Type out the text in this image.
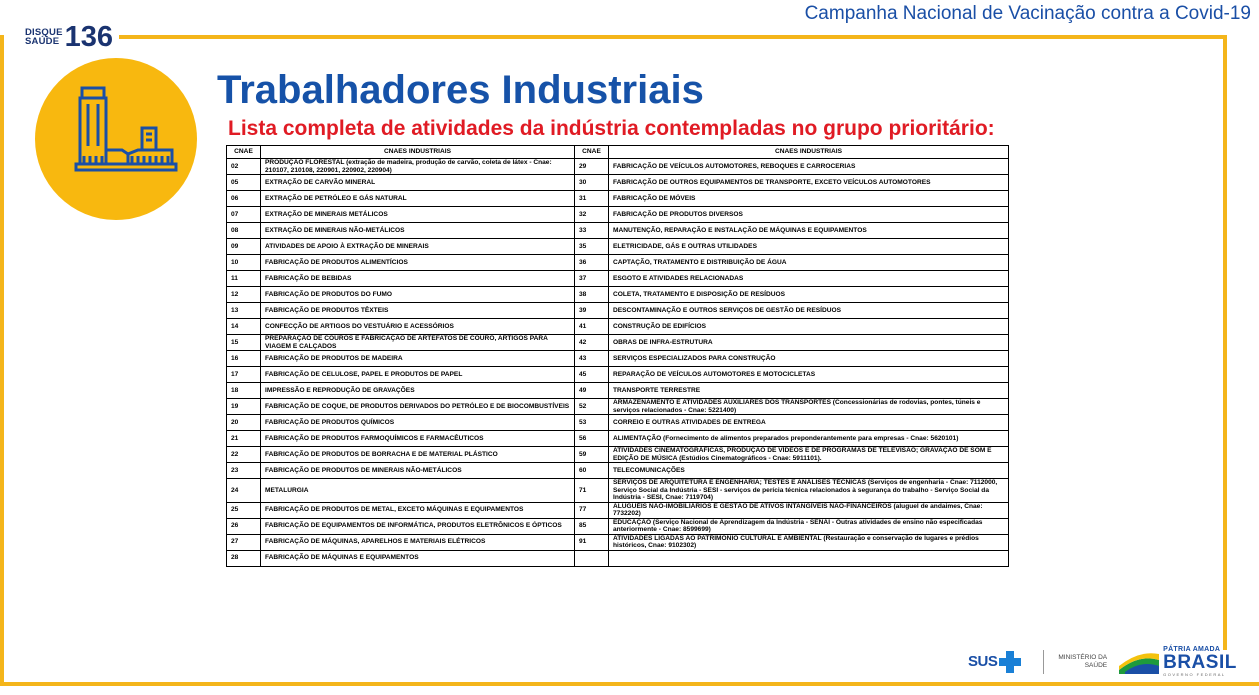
Campanha Nacional de Vacinação contra a Covid-19
DISQUE
SAÚDE 136
Trabalhadores Industriais
Lista completa de atividades da indústria contempladas no grupo prioritário:
CNAE	CNAES INDUSTRIAIS	CNAE	CNAES INDUSTRIAIS
02	PRODUÇÃO FLORESTAL (extração de madeira, produção de carvão, coleta de látex - Cnae: 210107, 210108, 220901, 220902, 220904)	29	FABRICAÇÃO DE VEÍCULOS AUTOMOTORES, REBOQUES E CARROCERIAS
05	EXTRAÇÃO DE CARVÃO MINERAL	30	FABRICAÇÃO DE OUTROS EQUIPAMENTOS DE TRANSPORTE, EXCETO VEÍCULOS AUTOMOTORES
06	EXTRAÇÃO DE PETRÓLEO E GÁS NATURAL	31	FABRICAÇÃO DE MÓVEIS
07	EXTRAÇÃO DE MINERAIS METÁLICOS	32	FABRICAÇÃO DE PRODUTOS DIVERSOS
08	EXTRAÇÃO DE MINERAIS NÃO-METÁLICOS	33	MANUTENÇÃO, REPARAÇÃO E INSTALAÇÃO DE MÁQUINAS E EQUIPAMENTOS
09	ATIVIDADES DE APOIO À EXTRAÇÃO DE MINERAIS	35	ELETRICIDADE, GÁS E OUTRAS UTILIDADES
10	FABRICAÇÃO DE PRODUTOS ALIMENTÍCIOS	36	CAPTAÇÃO, TRATAMENTO E DISTRIBUIÇÃO DE ÁGUA
11	FABRICAÇÃO DE BEBIDAS	37	ESGOTO E ATIVIDADES RELACIONADAS
12	FABRICAÇÃO DE PRODUTOS DO FUMO	38	COLETA, TRATAMENTO E DISPOSIÇÃO DE RESÍDUOS
13	FABRICAÇÃO DE PRODUTOS TÊXTEIS	39	DESCONTAMINAÇÃO E OUTROS SERVIÇOS DE GESTÃO DE RESÍDUOS
14	CONFECÇÃO DE ARTIGOS DO VESTUÁRIO E ACESSÓRIOS	41	CONSTRUÇÃO DE EDIFÍCIOS
15	PREPARAÇÃO DE COUROS E FABRICAÇÃO DE ARTEFATOS DE COURO, ARTIGOS PARA VIAGEM E CALÇADOS	42	OBRAS DE INFRA-ESTRUTURA
16	FABRICAÇÃO DE PRODUTOS DE MADEIRA	43	SERVIÇOS ESPECIALIZADOS PARA CONSTRUÇÃO
17	FABRICAÇÃO DE CELULOSE, PAPEL E PRODUTOS DE PAPEL	45	REPARAÇÃO DE VEÍCULOS AUTOMOTORES E MOTOCICLETAS
18	IMPRESSÃO E REPRODUÇÃO DE GRAVAÇÕES	49	TRANSPORTE TERRESTRE
19	FABRICAÇÃO DE COQUE, DE PRODUTOS DERIVADOS DO PETRÓLEO E DE BIOCOMBUSTÍVEIS	52	ARMAZENAMENTO E ATIVIDADES AUXILIARES DOS TRANSPORTES (Concessionárias de rodovias, pontes, túneis e serviços relacionados - Cnae: 5221400)
20	FABRICAÇÃO DE PRODUTOS QUÍMICOS	53	CORREIO E OUTRAS ATIVIDADES DE ENTREGA
21	FABRICAÇÃO DE PRODUTOS FARMOQUÍMICOS E FARMACÊUTICOS	56	ALIMENTAÇÃO (Fornecimento de alimentos preparados preponderantemente para empresas - Cnae: 5620101)
22	FABRICAÇÃO DE PRODUTOS DE BORRACHA E DE MATERIAL PLÁSTICO	59	ATIVIDADES CINEMATOGRÁFICAS, PRODUÇÃO DE VÍDEOS E DE PROGRAMAS DE TELEVISÃO; GRAVAÇÃO DE SOM E EDIÇÃO DE MÚSICA (Estúdios Cinematográficos - Cnae: 5911101).
23	FABRICAÇÃO DE PRODUTOS DE MINERAIS NÃO-METÁLICOS	60	TELECOMUNICAÇÕES
24	METALURGIA	71	SERVIÇOS DE ARQUITETURA E ENGENHARIA; TESTES E ANÁLISES TÉCNICAS (Serviços de engenharia - Cnae: 7112000, Serviço Social da Indústria - SESI - serviços de perícia técnica relacionados à segurança do trabalho - Serviço Social da Indústria - SESI, Cnae: 7119704)
25	FABRICAÇÃO DE PRODUTOS DE METAL, EXCETO MÁQUINAS E EQUIPAMENTOS	77	ALUGUÉIS NÃO-IMOBILIÁRIOS E GESTÃO DE ATIVOS INTANGÍVEIS NÃO-FINANCEIROS (aluguel de andaimes, Cnae: 7732202)
26	FABRICAÇÃO DE EQUIPAMENTOS DE INFORMÁTICA, PRODUTOS ELETRÔNICOS E ÓPTICOS	85	EDUCAÇÃO (Serviço Nacional de Aprendizagem da Indústria - SENAI - Outras atividades de ensino não especificadas anteriormente - Cnae: 8599699)
27	FABRICAÇÃO DE MÁQUINAS, APARELHOS E MATERIAIS ELÉTRICOS	91	ATIVIDADES LIGADAS AO PATRIMÔNIO CULTURAL E AMBIENTAL (Restauração e conservação de lugares e prédios históricos, Cnae: 9102302)
28	FABRICAÇÃO DE MÁQUINAS E EQUIPAMENTOS		
SUS	MINISTÉRIO DA
SAÚDE
PÁTRIA AMADA
BRASIL
GOVERNO FEDERAL
